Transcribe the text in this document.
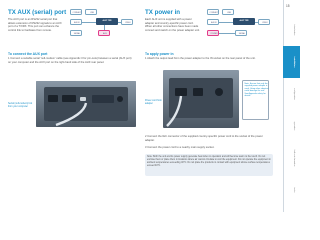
TX AUX (serial) port
The AUX port is an RS232 serial port that allows extension of RS232 signals to an AUX port of a TX/RX. This port can enhance the control link to hardware from remote.
CONNECT	USB
AUDIO
ALIF TXR
VIDEO
SERIAL	AUX
To connect the AUX port
1 Connect a suitable serial 'null-modem' cable (see Appendix 3 for pin-outs) between a serial (AUX port) on your computer and the AUX port on the right-hand side of the ALIF rear panel.
Serial (null-modem) link from your computer
TX power in
Each ALIF unit is supplied with a power adapter and country-specific power cord. When all other connections have been made connect and switch on the power adapter unit.
CONNECT	USB
AUDIO
ALIF TXR
VIDEO
POWER	SERIAL
To apply power in
1 Attach the output lead from the power adapter to the IN socket on the rear panel of the unit.
Power cord from adapter
Note: Ensure that only the supplied power adapter is used. Using other adapters could damage the unit. See Appendix safety for details.
2 Connect the IEC connector of the supplied country-specific power cord to the socket of the power adapter.
3 Connect the power cord to a nearby main supply socket.
Note: Both the unit and its power supply generate heat when in operation and will become warm to the touch. Do not enclose them or place them in locations where air cannot circulate to cool the equipment. Do not operate the equipment in ambient temperatures exceeding 40°C. Do not place the products in contact with equipment whose surface temperatures exceed 40°C.
15
introduction
installation
configuration
operation
further information
index
